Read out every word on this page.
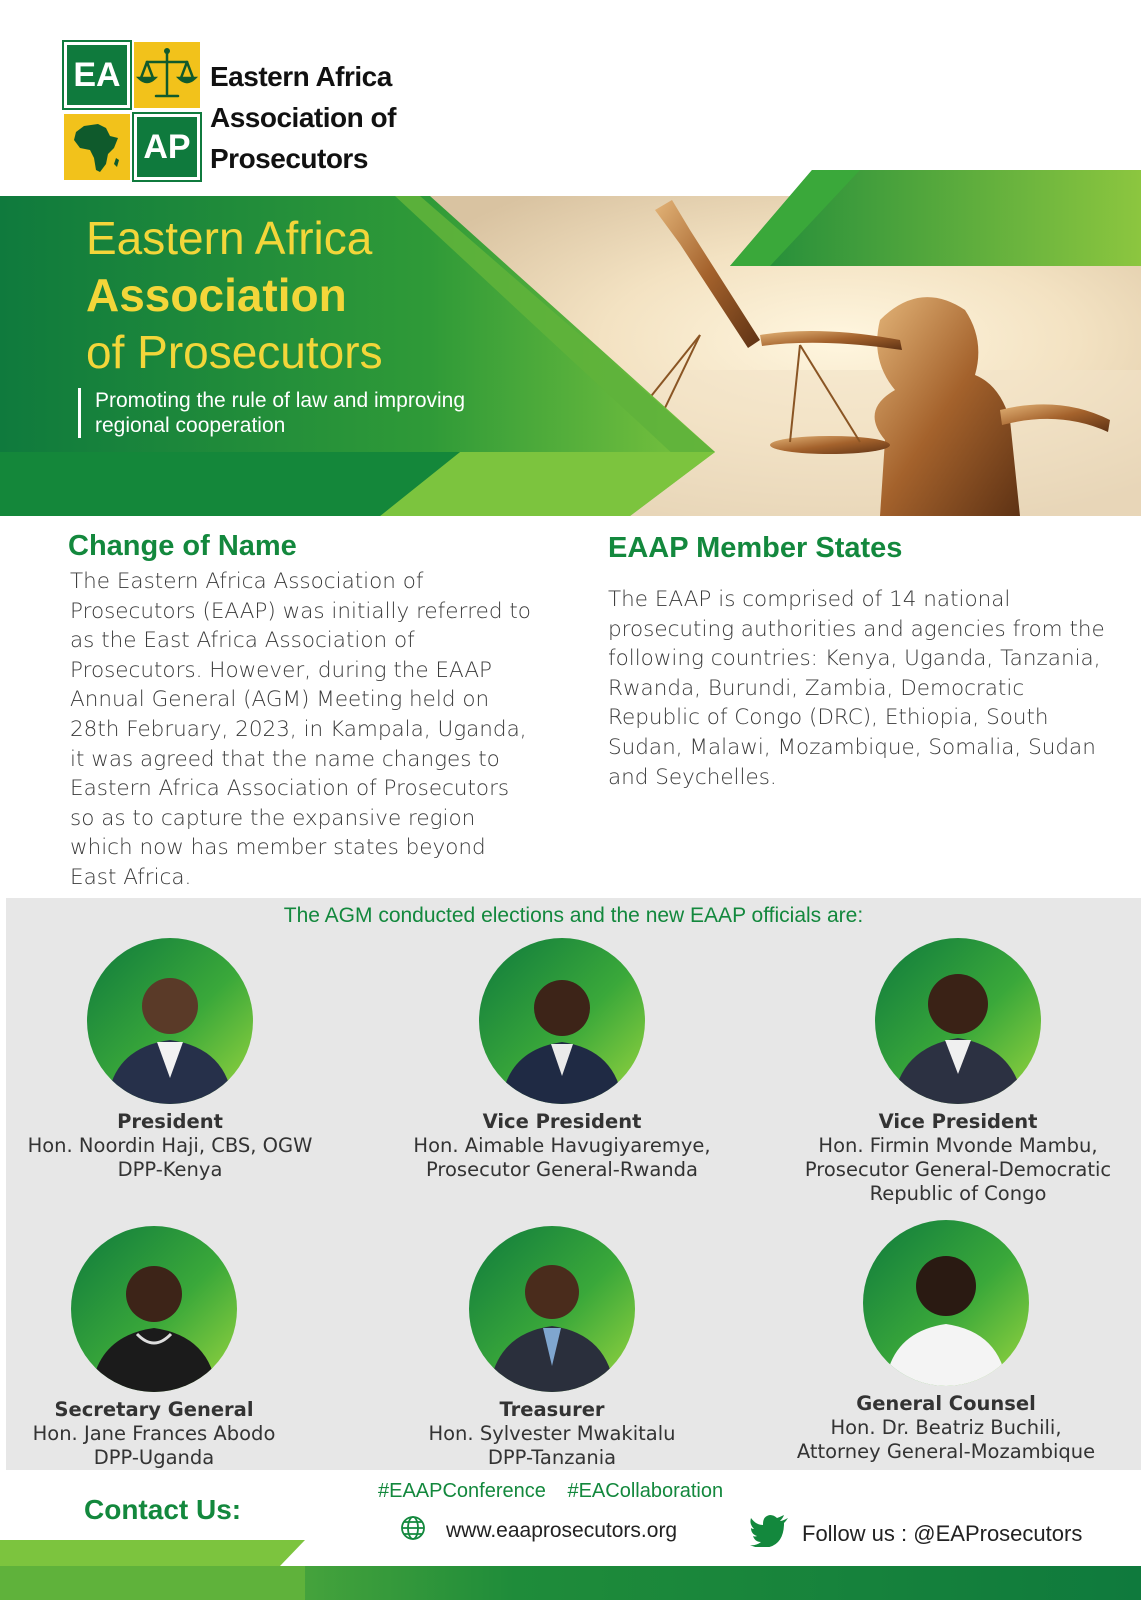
EA
AP
Eastern Africa
Association of
Prosecutors
Eastern Africa
Association
of Prosecutors
Promoting the rule of law and improving
regional cooperation
Change of Name
The Eastern Africa Association of
Prosecutors (EAAP) was initially referred to
as the East Africa Association of
Prosecutors. However, during the EAAP
Annual General (AGM) Meeting held on
28th February, 2023, in Kampala, Uganda,
it was agreed that the name changes to
Eastern Africa Association of Prosecutors
so as to capture the expansive region
which now has member states beyond
East Africa.
EAAP Member States
The EAAP is comprised of 14 national
prosecuting authorities and agencies from the
following countries: Kenya, Uganda, Tanzania,
Rwanda, Burundi, Zambia, Democratic
Republic of Congo (DRC), Ethiopia, South
Sudan, Malawi, Mozambique, Somalia, Sudan
and Seychelles.
The AGM conducted elections and the new EAAP officials are:
President
Hon. Noordin Haji, CBS, OGW
DPP-Kenya
Vice President
Hon. Aimable Havugiyaremye,
Prosecutor General-Rwanda
Vice President
Hon. Firmin Mvonde Mambu,
Prosecutor General-Democratic
Republic of Congo
Secretary General
Hon. Jane Frances Abodo
DPP-Uganda
Treasurer
Hon. Sylvester Mwakitalu
DPP-Tanzania
General Counsel
Hon. Dr. Beatriz Buchili,
Attorney General-Mozambique
Contact Us:
#EAAPConference #EACollaboration
www.eaaprosecutors.org	Follow us : @EAProsecutors
